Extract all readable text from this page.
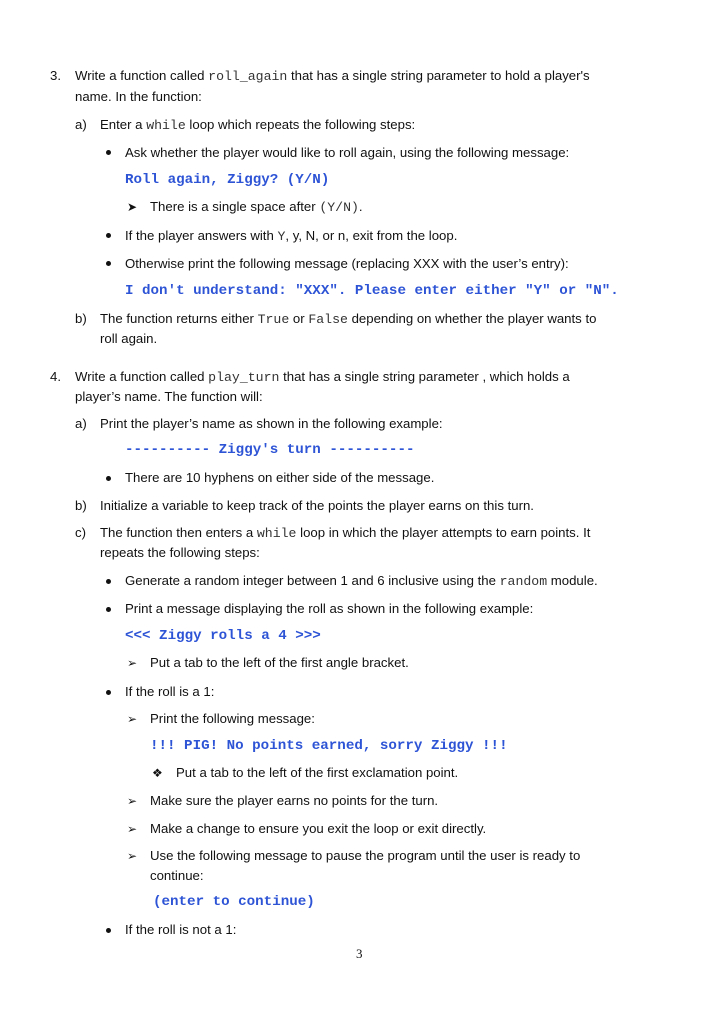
3. Write a function called roll_again that has a single string parameter to hold a player's
name. In the function:
a) Enter a while loop which repeats the following steps:
Ask whether the player would like to roll again, using the following message:
Roll again, Ziggy? (Y/N)
➤ There is a single space after (Y/N).
If the player answers with Y, y, N, or n, exit from the loop.
Otherwise print the following message (replacing XXX with the user’s entry):
I don't understand: "XXX". Please enter either "Y" or "N".
b) The function returns either True or False depending on whether the player wants to
roll again.
4. Write a function called play_turn that has a single string parameter , which holds a
player’s name. The function will:
a) Print the player’s name as shown in the following example:
---------- Ziggy's turn ----------
There are 10 hyphens on either side of the message.
b) Initialize a variable to keep track of the points the player earns on this turn.
c) The function then enters a while loop in which the player attempts to earn points. It
repeats the following steps:
Generate a random integer between 1 and 6 inclusive using the random module.
Print a message displaying the roll as shown in the following example:
<<< Ziggy rolls a 4 >>>
➢ Put a tab to the left of the first angle bracket.
If the roll is a 1:
➢ Print the following message:
!!! PIG! No points earned, sorry Ziggy !!!
❖ Put a tab to the left of the first exclamation point.
➢ Make sure the player earns no points for the turn.
➢ Make a change to ensure you exit the loop or exit directly.
➢ Use the following message to pause the program until the user is ready to
continue:
(enter to continue)
If the roll is not a 1:
3
